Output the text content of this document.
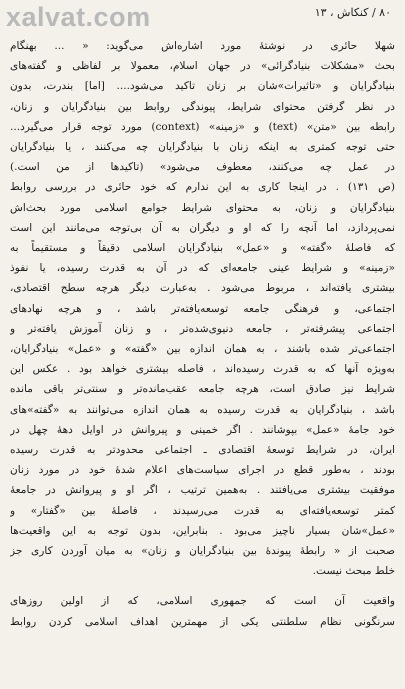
xalvat.com	۸۰ / کنکاش ، ۱۳
شهلا حائری در نوشتهٔ مورد اشاره‌اش می‌گوید: « ... بهنگام
بحث «مشکلات بنیادگرائی» در جهان اسلام، معمولا بر لفاظی و گفته‌های
بنیادگرایان و «تاثیرات»شان بر زنان تاکید می‌شود.... [اما] بندرت، بدون
در نظر گرفتن محتوای شرایط، پیوندگی روابط بین بنیادگرایان و زنان،
رابطه بین «متن» (text) و «زمینه» (context) مورد توجه قرار می‌گیرد...
حتی توجه کمتری به اینکه زنان با بنیادگرایان چه می‌کنند ، یا بنیادگرایان
در عمل چه می‌کنند، معطوف می‌شود» (تاکیدها از من است.)
(ص ۱۳۱) . در اینجا کاری به این ندارم که خود حائری در بررسی روابط
بنیادگرایان و زنان، به محتوای شرایط جوامع اسلامی مورد بحث‌اش
نمی‌پردازد، اما آنچه را که او و دیگران به آن بی‌توجه می‌مانند این است
که فاصلهٔ «گفته» و «عمل» بنیادگرایان اسلامی دقیقاً و مستقیماً به
«زمینه» و شرایط عینی جامعه‌ای که در آن به قدرت رسیده، یا نفوذ
بیشتری یافته‌اند ، مربوط می‌شود . به‌عبارت دیگر هرچه سطح اقتصادی،
اجتماعی، و فرهنگی جامعه توسعه‌یافته‌تر باشد ، و هرچه نهادهای
اجتماعی پیشرفته‌تر ، جامعه دنیوی‌شده‌تر ، و زنان آموزش یافته‌تر و
اجتماعی‌تر شده باشند ، به همان اندازه بین «گفته» و «عمل» بنیادگرایان،
به‌ویژه آنها که به قدرت رسیده‌اند ، فاصله بیشتری خواهد بود . عکس این
شرایط نیز صادق است، هرچه جامعه عقب‌مانده‌تر و سنتی‌تر باقی مانده
باشد ، بنیادگرایان به قدرت رسیده به همان اندازه می‌توانند به «گفته»های
خود جامهٔ «عمل» بپوشانند . اگر خمینی و پیروانش در اوایل دههٔ چهل در
ایران، در شرایط توسعهٔ اقتصادی ـ اجتماعی محدودتر به قدرت رسیده
بودند ، به‌طور قطع در اجرای سیاست‌های اعلام شدهٔ خود در مورد زنان
موفقیت بیشتری می‌یافتند . به‌همین ترتیب ، اگر او و پیروانش در جامعهٔ
کمتر توسعه‌یافته‌ای به قدرت می‌رسیدند ، فاصلهٔ بین «گفتار» و
«عمل»شان بسیار ناچیز می‌بود . بنابراین، بدون توجه به این واقعیت‌ها
صحبت از « رابطهٔ پیوندهٔ بین بنیادگرایان و زنان» به میان آوردن کاری جز
خلط مبحث نیست.
واقعیت آن است که جمهوری اسلامی، که از اولین روزهای
سرنگونی نظام سلطنتی یکی از مهمترین اهداف اسلامی کردن روابط
